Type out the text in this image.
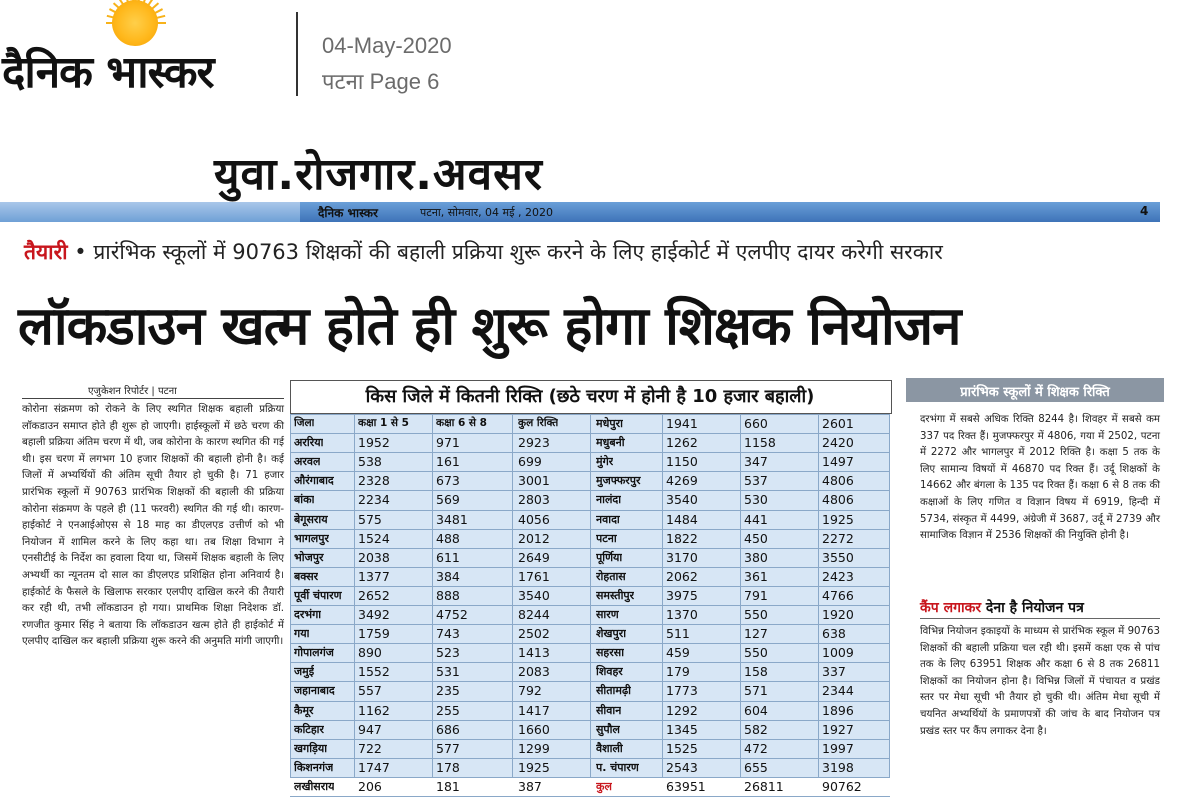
दैनिक भास्कर
04-May-2020
पटना Page 6
युवा.रोजगार.अवसर
दैनिक भास्कर	पटना, सोमवार, 04 मई , 2020	4
तैयारी • प्रारंभिक स्कूलों में 90763 शिक्षकों की बहाली प्रक्रिया शुरू करने के लिए हाईकोर्ट में एलपीए दायर करेगी सरकार
लॉकडाउन खत्म होते ही शुरू होगा शिक्षक नियोजन
एजुकेशन रिपोर्टर | पटना
कोरोना संक्रमण को रोकने के लिए स्थगित शिक्षक बहाली प्रक्रिया लॉकडाउन समाप्त होते ही शुरू हो जाएगी। हाईस्कूलों में छठे चरण की बहाली प्रक्रिया अंतिम चरण में थी, जब कोरोना के कारण स्थगित की गई थी। इस चरण में लगभग 10 हजार शिक्षकों की बहाली होनी है। कई जिलों में अभ्यर्थियों की अंतिम सूची तैयार हो चुकी है। 71 हजार प्रारंभिक स्कूलों में 90763 प्रारंभिक शिक्षकों की बहाली की प्रक्रिया कोरोना संक्रमण के पहले ही (11 फरवरी) स्थगित की गई थी। कारण- हाईकोर्ट ने एनआईओएस से 18 माह का डीएलएड उत्तीर्ण को भी नियोजन में शामिल करने के लिए कहा था। तब शिक्षा विभाग ने एनसीटीई के निर्देश का हवाला दिया था, जिसमें शिक्षक बहाली के लिए अभ्यर्थी का न्यूनतम दो साल का डीएलएड प्रशिक्षित होना अनिवार्य है। हाईकोर्ट के फैसले के खिलाफ सरकार एलपीए दाखिल करने की तैयारी कर रही थी, तभी लॉकडाउन हो गया। प्राथमिक शिक्षा निदेशक डॉ. रणजीत कुमार सिंह ने बताया कि लॉकडाउन खत्म होते ही हाईकोर्ट में एलपीए दाखिल कर बहाली प्रक्रिया शुरू करने की अनुमति मांगी जाएगी।
किस जिले में कितनी रिक्ति (छठे चरण में होनी है 10 हजार बहाली)
जिला	कक्षा 1 से 5	कक्षा 6 से 8	कुल रिक्ति
अररिया	1952	971	2923
अरवल	538	161	699
औरंगाबाद 2328	673	3001
बांका	2234	569	2803
बेगूसराय 575	3481	4056
भागलपुर 1524	488	2012
भोजपुर	2038	611	2649
बक्सर	1377	384	1761
पूर्वी चंपारण 2652	888	3540
दरभंगा	3492	4752	8244
गया	1759	743	2502
गोपालगंज 890	523	1413
जमुई	1552	531	2083
जहानाबाद 557	235	792
कैमूर	1162	255	1417
कटिहार	947	686	1660
खगड़िया 722	577	1299
किशनगंज 1747	178	1925
लखीसराय 206	181	387
मधेपुरा	1941	660	2601
मधुबनी	1262	1158	2420
मुंगेर	1150	347	1497
मुजफ्फरपुर 4269	537	4806
नालंदा	3540	530	4806
नवादा	1484	441	1925
पटना	1822	450	2272
पूर्णिया	3170	380	3550
रोहतास	2062	361	2423
समस्तीपुर	3975	791	4766
सारण	1370	550	1920
शेखपुरा	511	127	638
सहरसा	459	550	1009
शिवहर	179	158	337
सीतामढ़ी	1773	571	2344
सीवान	1292	604	1896
सुपौल	1345	582	1927
वैशाली	1525	472	1997
प. चंपारण 2543	655	3198
कुल	63951	26811	90762
प्रारंभिक स्कूलों में शिक्षक रिक्ति
दरभंगा में सबसे अधिक रिक्ति 8244 है। शिवहर में सबसे कम 337 पद रिक्त हैं। मुजफ्फरपुर में 4806, गया में 2502, पटना में 2272 और भागलपुर में 2012 रिक्ति है। कक्षा 5 तक के लिए सामान्य विषयों में 46870 पद रिक्त हैं। उर्दू शिक्षकों के 14662 और बंगला के 135 पद रिक्त हैं। कक्षा 6 से 8 तक की कक्षाओं के लिए गणित व विज्ञान विषय में 6919, हिन्दी में 5734, संस्कृत में 4499, अंग्रेजी में 3687, उर्दू में 2739 और सामाजिक विज्ञान में 2536 शिक्षकों की नियुक्ति होनी है।
कैंप लगाकर देना है नियोजन पत्र
विभिन्न नियोजन इकाइयों के माध्यम से प्रारंभिक स्कूल में 90763 शिक्षकों की बहाली प्रक्रिया चल रही थी। इसमें कक्षा एक से पांच तक के लिए 63951 शिक्षक और कक्षा 6 से 8 तक 26811 शिक्षकों का नियोजन होना है। विभिन्न जिलों में पंचायत व प्रखंड स्तर पर मेधा सूची भी तैयार हो चुकी थी। अंतिम मेधा सूची में चयनित अभ्यर्थियों के प्रमाणपत्रों की जांच के बाद नियोजन पत्र प्रखंड स्तर पर कैंप लगाकर देना है।
